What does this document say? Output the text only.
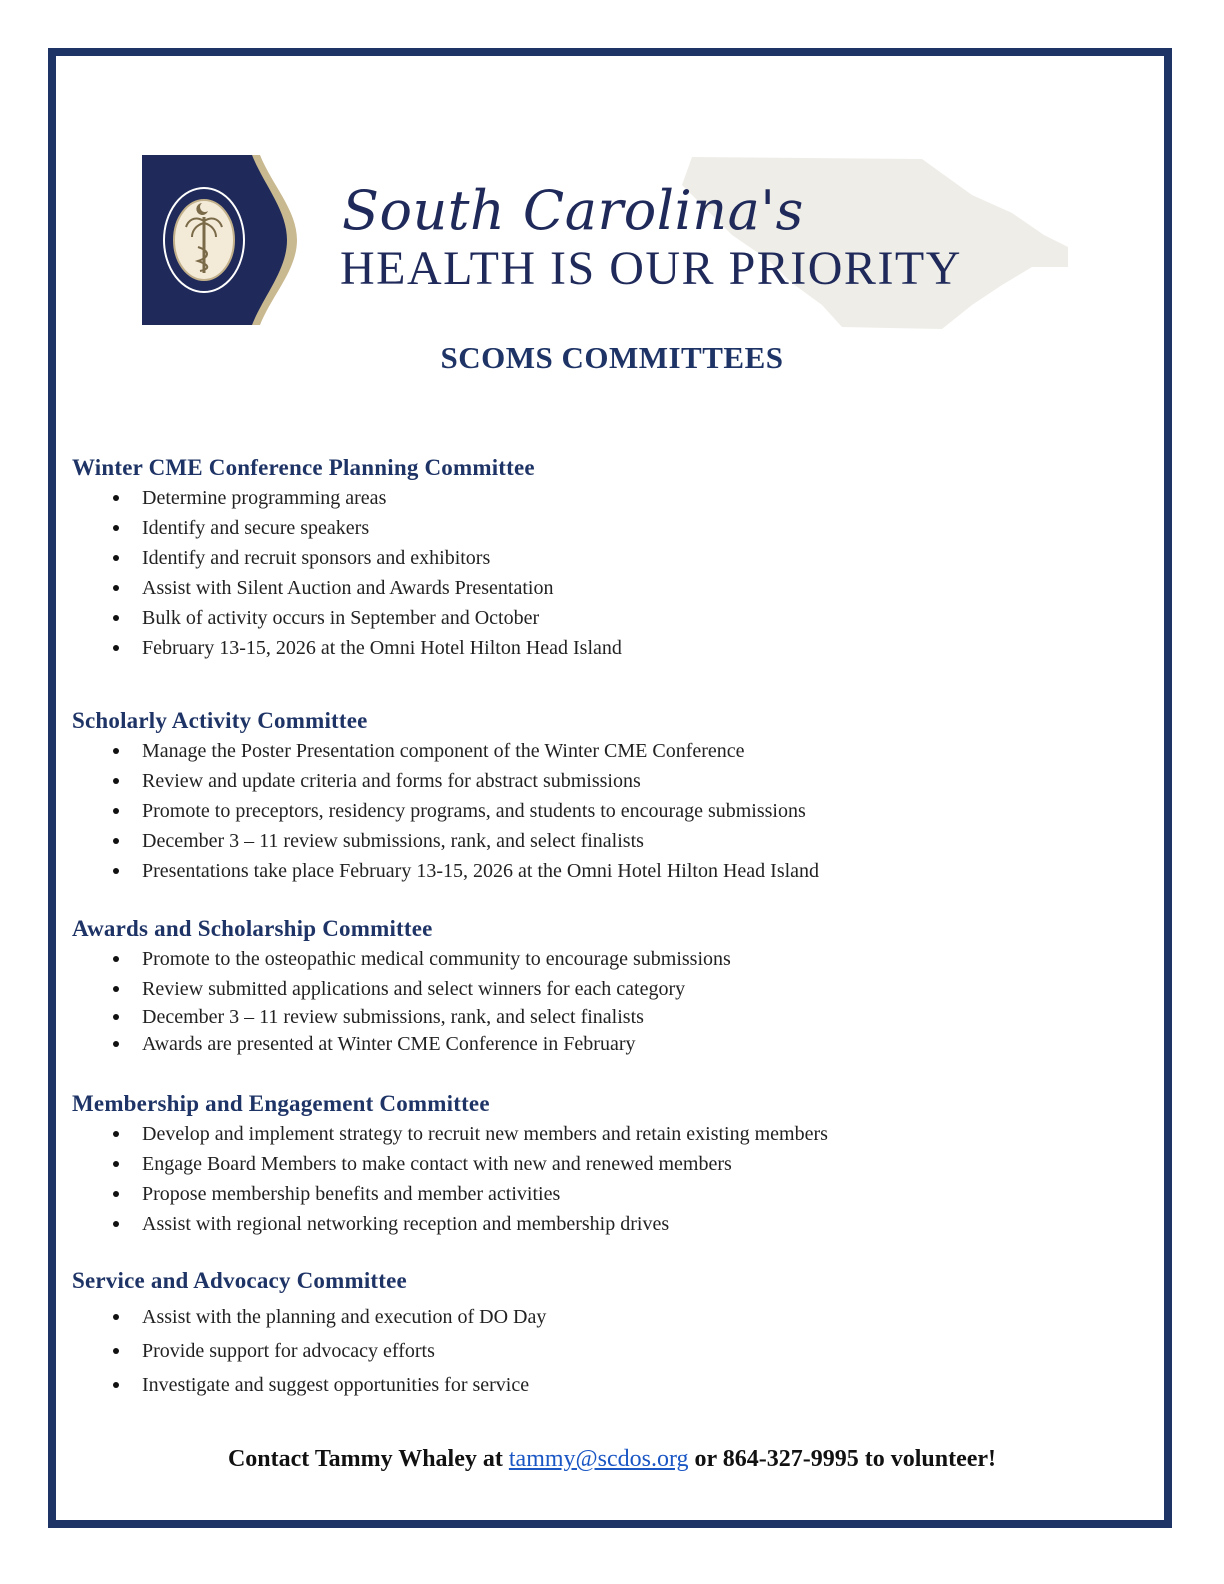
South Carolina's
HEALTH IS OUR PRIORITY
SCOMS COMMITTEES
Winter CME Conference Planning Committee
Determine programming areas
Identify and secure speakers
Identify and recruit sponsors and exhibitors
Assist with Silent Auction and Awards Presentation
Bulk of activity occurs in September and October
February 13-15, 2026 at the Omni Hotel Hilton Head Island
Scholarly Activity Committee
Manage the Poster Presentation component of the Winter CME Conference
Review and update criteria and forms for abstract submissions
Promote to preceptors, residency programs, and students to encourage submissions
December 3 – 11 review submissions, rank, and select finalists
Presentations take place February 13-15, 2026 at the Omni Hotel Hilton Head Island
Awards and Scholarship Committee
Promote to the osteopathic medical community to encourage submissions
Review submitted applications and select winners for each category
December 3 – 11 review submissions, rank, and select finalists
Awards are presented at Winter CME Conference in February
Membership and Engagement Committee
Develop and implement strategy to recruit new members and retain existing members
Engage Board Members to make contact with new and renewed members
Propose membership benefits and member activities
Assist with regional networking reception and membership drives
Service and Advocacy Committee
Assist with the planning and execution of DO Day
Provide support for advocacy efforts
Investigate and suggest opportunities for service
Contact Tammy Whaley at tammy@scdos.org or 864-327-9995 to volunteer!
